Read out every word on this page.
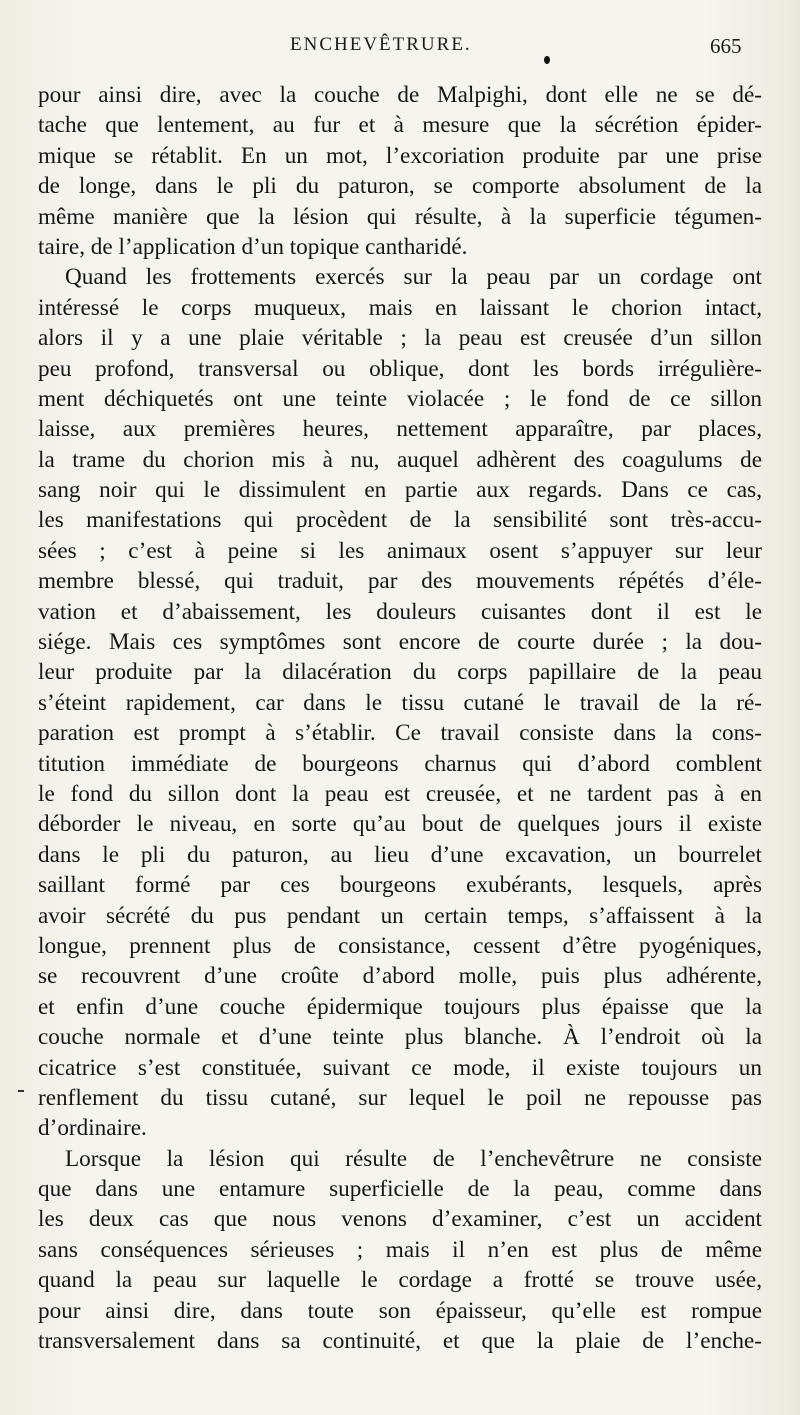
ENCHEVÊTRURE.	665
pour ainsi dire, avec la couche de Malpighi, dont elle ne se dé-
tache que lentement, au fur et à mesure que la sécrétion épider-
mique se rétablit. En un mot, l’excoriation produite par une prise
de longe, dans le pli du paturon, se comporte absolument de la
même manière que la lésion qui résulte, à la superficie tégumen-
taire, de l’application d’un topique cantharidé.
Quand les frottements exercés sur la peau par un cordage ont
intéressé le corps muqueux, mais en laissant le chorion intact,
alors il y a une plaie véritable ; la peau est creusée d’un sillon
peu profond, transversal ou oblique, dont les bords irrégulière-
ment déchiquetés ont une teinte violacée ; le fond de ce sillon
laisse, aux premières heures, nettement apparaître, par places,
la trame du chorion mis à nu, auquel adhèrent des coagulums de
sang noir qui le dissimulent en partie aux regards. Dans ce cas,
les manifestations qui procèdent de la sensibilité sont très-accu-
sées ; c’est à peine si les animaux osent s’appuyer sur leur
membre blessé, qui traduit, par des mouvements répétés d’éle-
vation et d’abaissement, les douleurs cuisantes dont il est le
siége. Mais ces symptômes sont encore de courte durée ; la dou-
leur produite par la dilacération du corps papillaire de la peau
s’éteint rapidement, car dans le tissu cutané le travail de la ré-
paration est prompt à s’établir. Ce travail consiste dans la cons-
titution immédiate de bourgeons charnus qui d’abord comblent
le fond du sillon dont la peau est creusée, et ne tardent pas à en
déborder le niveau, en sorte qu’au bout de quelques jours il existe
dans le pli du paturon, au lieu d’une excavation, un bourrelet
saillant formé par ces bourgeons exubérants, lesquels, après
avoir sécrété du pus pendant un certain temps, s’affaissent à la
longue, prennent plus de consistance, cessent d’être pyogéniques,
se recouvrent d’une croûte d’abord molle, puis plus adhérente,
et enfin d’une couche épidermique toujours plus épaisse que la
couche normale et d’une teinte plus blanche. À l’endroit où la
cicatrice s’est constituée, suivant ce mode, il existe toujours un
renflement du tissu cutané, sur lequel le poil ne repousse pas
d’ordinaire.
Lorsque la lésion qui résulte de l’enchevêtrure ne consiste
que dans une entamure superficielle de la peau, comme dans
les deux cas que nous venons d’examiner, c’est un accident
sans conséquences sérieuses ; mais il n’en est plus de même
quand la peau sur laquelle le cordage a frotté se trouve usée,
pour ainsi dire, dans toute son épaisseur, qu’elle est rompue
transversalement dans sa continuité, et que la plaie de l’enche-
